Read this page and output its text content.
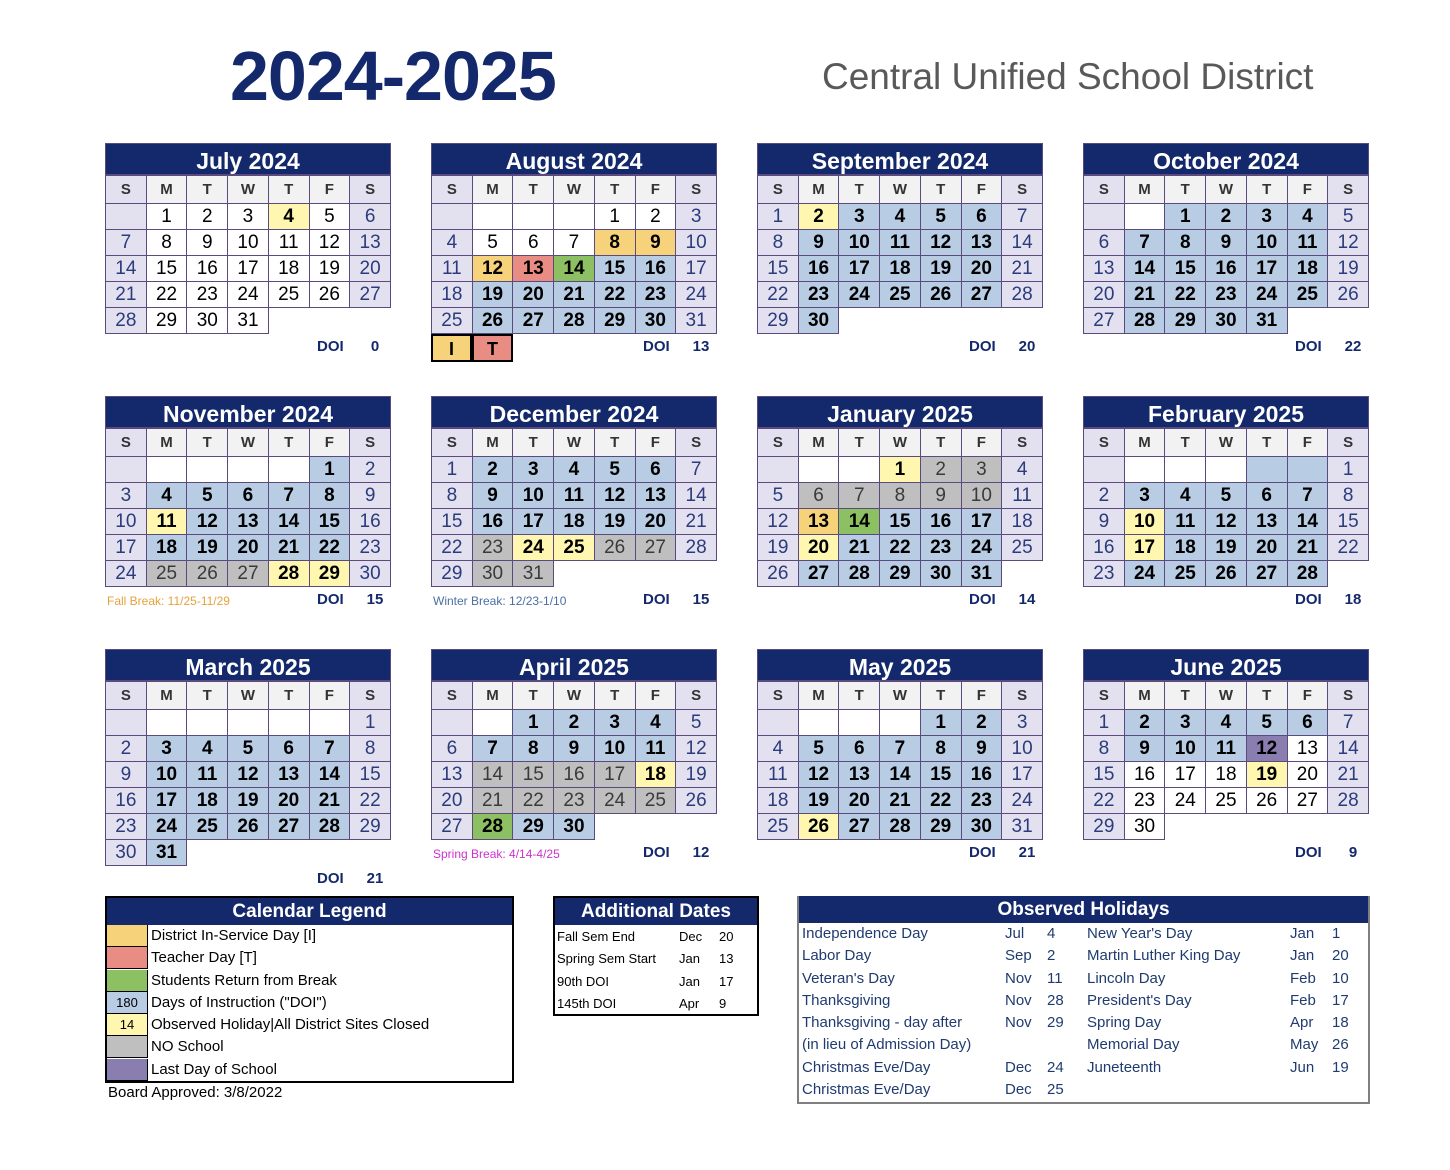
2024-2025	Central Unified School District
July 2024
S	M	T	W	T	F	S
	1	2	3	4	5	6
7	8	9	10	11	12	13
14	15	16	17	18	19	20
21	22	23	24	25	26	27
28	29	30	31			
DOI	0
August 2024
S	M	T	W	T	F	S
				1	2	3
4	5	6	7	8	9	10
11	12	13	14	15	16	17
18	19	20	21	22	23	24
25	26	27	28	29	30	31
I	T	DOI	13
September 2024
S	M	T	W	T	F	S
1	2	3	4	5	6	7
8	9	10	11	12	13	14
15	16	17	18	19	20	21
22	23	24	25	26	27	28
29	30					
DOI	20
October 2024
S	M	T	W	T	F	S
		1	2	3	4	5
6	7	8	9	10	11	12
13	14	15	16	17	18	19
20	21	22	23	24	25	26
27	28	29	30	31		
DOI	22
November 2024
S	M	T	W	T	F	S
					1	2
3	4	5	6	7	8	9
10	11	12	13	14	15	16
17	18	19	20	21	22	23
24	25	26	27	28	29	30
Fall Break: 11/25-11/29	DOI	15
December 2024
S	M	T	W	T	F	S
1	2	3	4	5	6	7
8	9	10	11	12	13	14
15	16	17	18	19	20	21
22	23	24	25	26	27	28
29	30	31				
Winter Break: 12/23-1/10	DOI	15
January 2025
S	M	T	W	T	F	S
			1	2	3	4
5	6	7	8	9	10	11
12	13	14	15	16	17	18
19	20	21	22	23	24	25
26	27	28	29	30	31	
DOI	14
February 2025
S	M	T	W	T	F	S
						1
2	3	4	5	6	7	8
9	10	11	12	13	14	15
16	17	18	19	20	21	22
23	24	25	26	27	28	
DOI	18
March 2025
S	M	T	W	T	F	S
						1
2	3	4	5	6	7	8
9	10	11	12	13	14	15
16	17	18	19	20	21	22
23	24	25	26	27	28	29
30	31					
DOI	21
April 2025
S	M	T	W	T	F	S
		1	2	3	4	5
6	7	8	9	10	11	12
13	14	15	16	17	18	19
20	21	22	23	24	25	26
27	28	29	30			
Spring Break: 4/14-4/25	DOI	12
May 2025
S	M	T	W	T	F	S
				1	2	3
4	5	6	7	8	9	10
11	12	13	14	15	16	17
18	19	20	21	22	23	24
25	26	27	28	29	30	31
DOI	21
June 2025
S	M	T	W	T	F	S
1	2	3	4	5	6	7
8	9	10	11	12	13	14
15	16	17	18	19	20	21
22	23	24	25	26	27	28
29	30					
DOI	9
Calendar Legend
District In-Service Day [I]
Teacher Day [T]
Students Return from Break
180 Days of Instruction ("DOI")
14	Observed Holiday|All District Sites Closed
NO School
Last Day of School
Board Approved: 3/8/2022
Additional Dates
Fall Sem End	Dec 20
Spring Sem Start Jan 13
90th DOI	Jan 17
145th DOI	Apr 9
Observed Holidays
Independence Day	Jul 4 New Year's Day	Jan 1
Labor Day	Sep 2 Martin Luther King Day	Jan 20
Veteran's Day	Nov 11 Lincoln Day	Feb 10
Thanksgiving	Nov 28 President's Day	Feb 17
Thanksgiving - day after	Nov 29 Spring Day	Apr 18
(in lieu of Admission Day)	Memorial Day	May 26
Christmas Eve/Day	Dec 24 Juneteenth	Jun 19
Christmas Eve/Day	Dec 25
